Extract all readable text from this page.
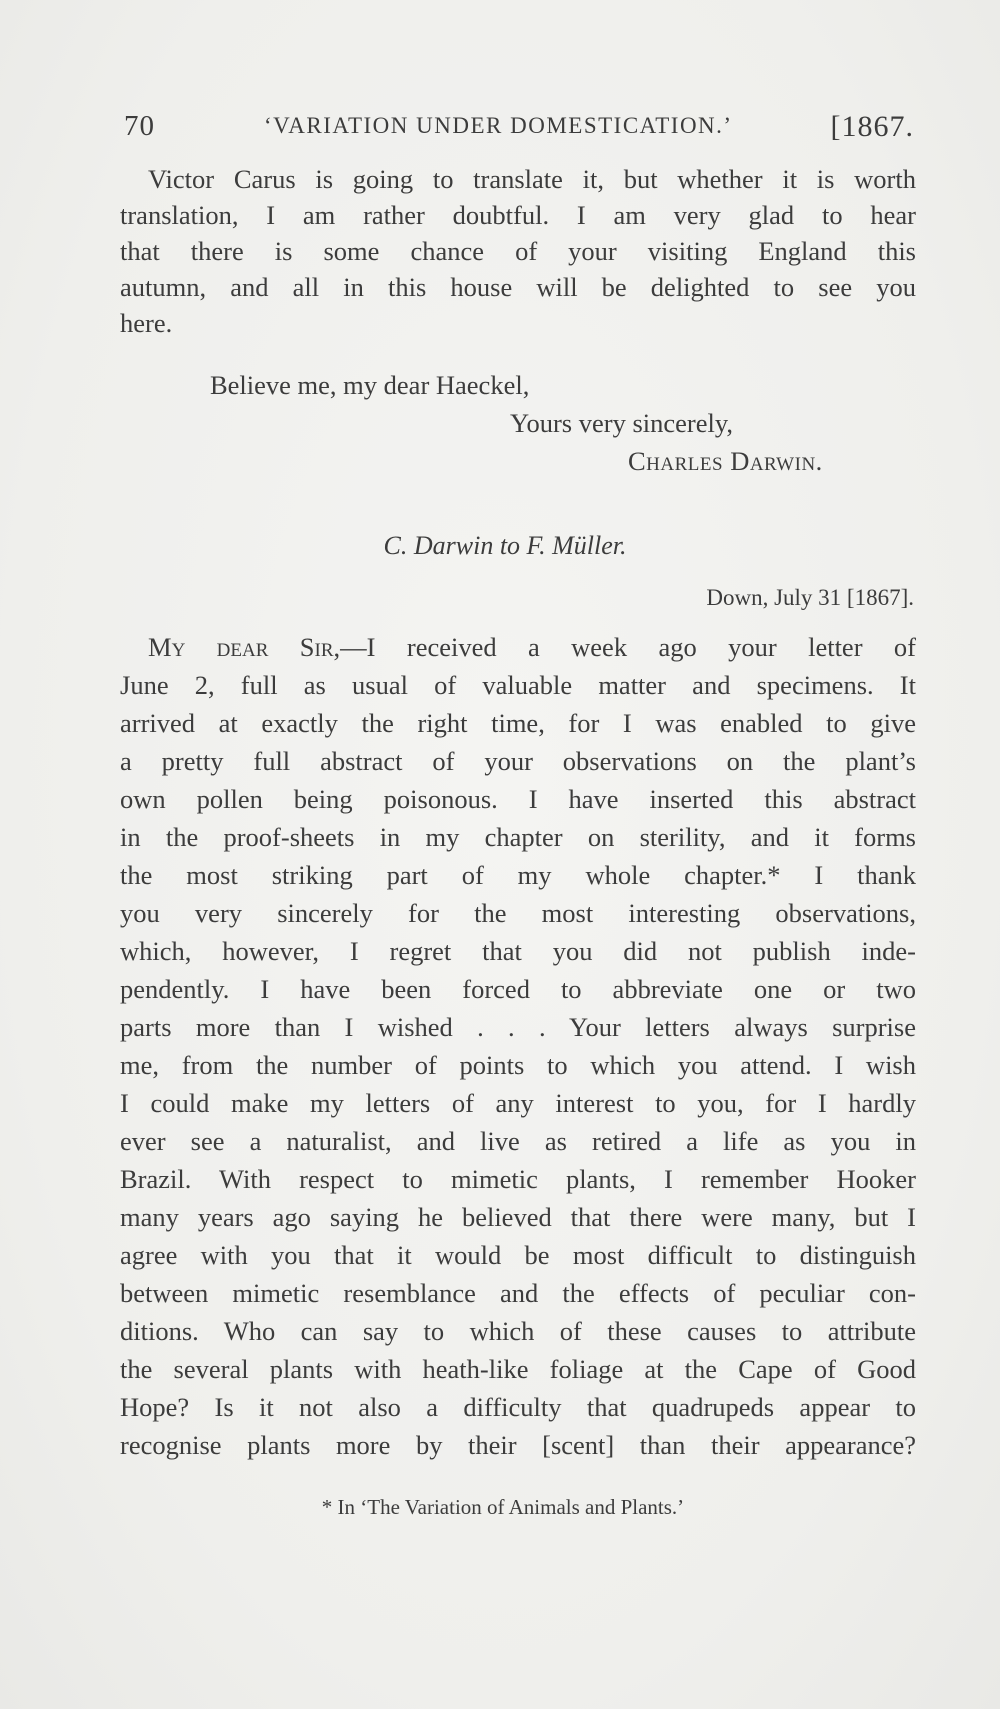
70	‘VARIATION UNDER DOMESTICATION.’	[1867.
Victor Carus is going to translate it, but whether it is worth
translation, I am rather doubtful. I am very glad to hear
that there is some chance of your visiting England this
autumn, and all in this house will be delighted to see you
here.
Believe me, my dear Haeckel,
Yours very sincerely,
Charles Darwin.
C. Darwin to F. Müller.
Down, July 31 [1867].
My dear Sir,—I received a week ago your letter of
June 2, full as usual of valuable matter and specimens. It
arrived at exactly the right time, for I was enabled to give
a pretty full abstract of your observations on the plant’s
own pollen being poisonous. I have inserted this abstract
in the proof-sheets in my chapter on sterility, and it forms
the most striking part of my whole chapter.* I thank
you very sincerely for the most interesting observations,
which, however, I regret that you did not publish inde-
pendently. I have been forced to abbreviate one or two
parts more than I wished . . . Your letters always surprise
me, from the number of points to which you attend. I wish
I could make my letters of any interest to you, for I hardly
ever see a naturalist, and live as retired a life as you in
Brazil. With respect to mimetic plants, I remember Hooker
many years ago saying he believed that there were many, but I
agree with you that it would be most difficult to distinguish
between mimetic resemblance and the effects of peculiar con-
ditions. Who can say to which of these causes to attribute
the several plants with heath-like foliage at the Cape of Good
Hope? Is it not also a difficulty that quadrupeds appear to
recognise plants more by their [scent] than their appearance?
* In ‘The Variation of Animals and Plants.’
